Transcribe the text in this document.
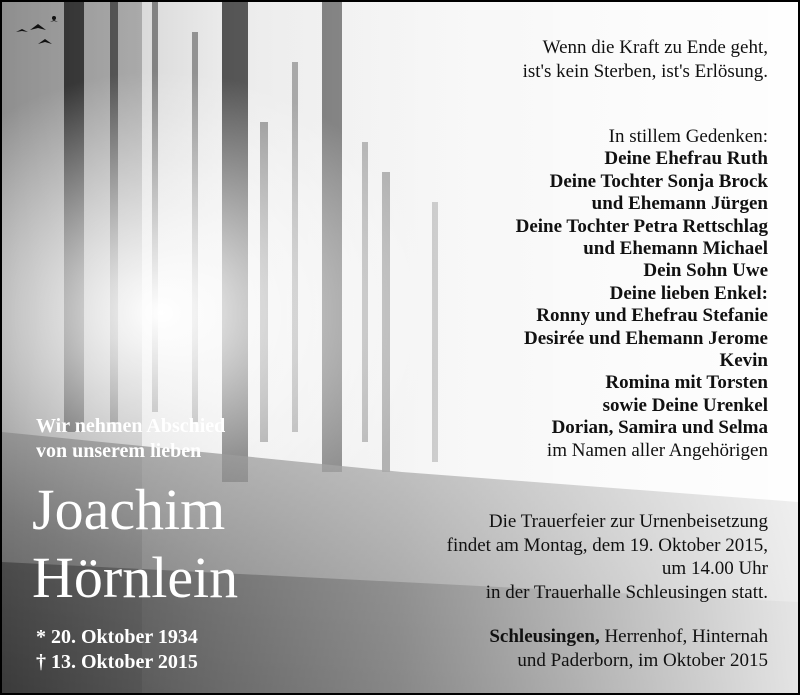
Wenn die Kraft zu Ende geht,
ist's kein Sterben, ist's Erlösung.
In stillem Gedenken:
Deine Ehefrau Ruth
Deine Tochter Sonja Brock
und Ehemann Jürgen
Deine Tochter Petra Rettschlag
und Ehemann Michael
Dein Sohn Uwe
Deine lieben Enkel:
Ronny und Ehefrau Stefanie
Desirée und Ehemann Jerome
Kevin
Romina mit Torsten
sowie Deine Urenkel
Dorian, Samira und Selma
im Namen aller Angehörigen
Wir nehmen Abschied
von unserem lieben
Joachim
Hörnlein
* 20. Oktober 1934
† 13. Oktober 2015
Die Trauerfeier zur Urnenbeisetzung
findet am Montag, dem 19. Oktober 2015,
um 14.00 Uhr
in der Trauerhalle Schleusingen statt.
Schleusingen, Herrenhof, Hinternah
und Paderborn, im Oktober 2015
